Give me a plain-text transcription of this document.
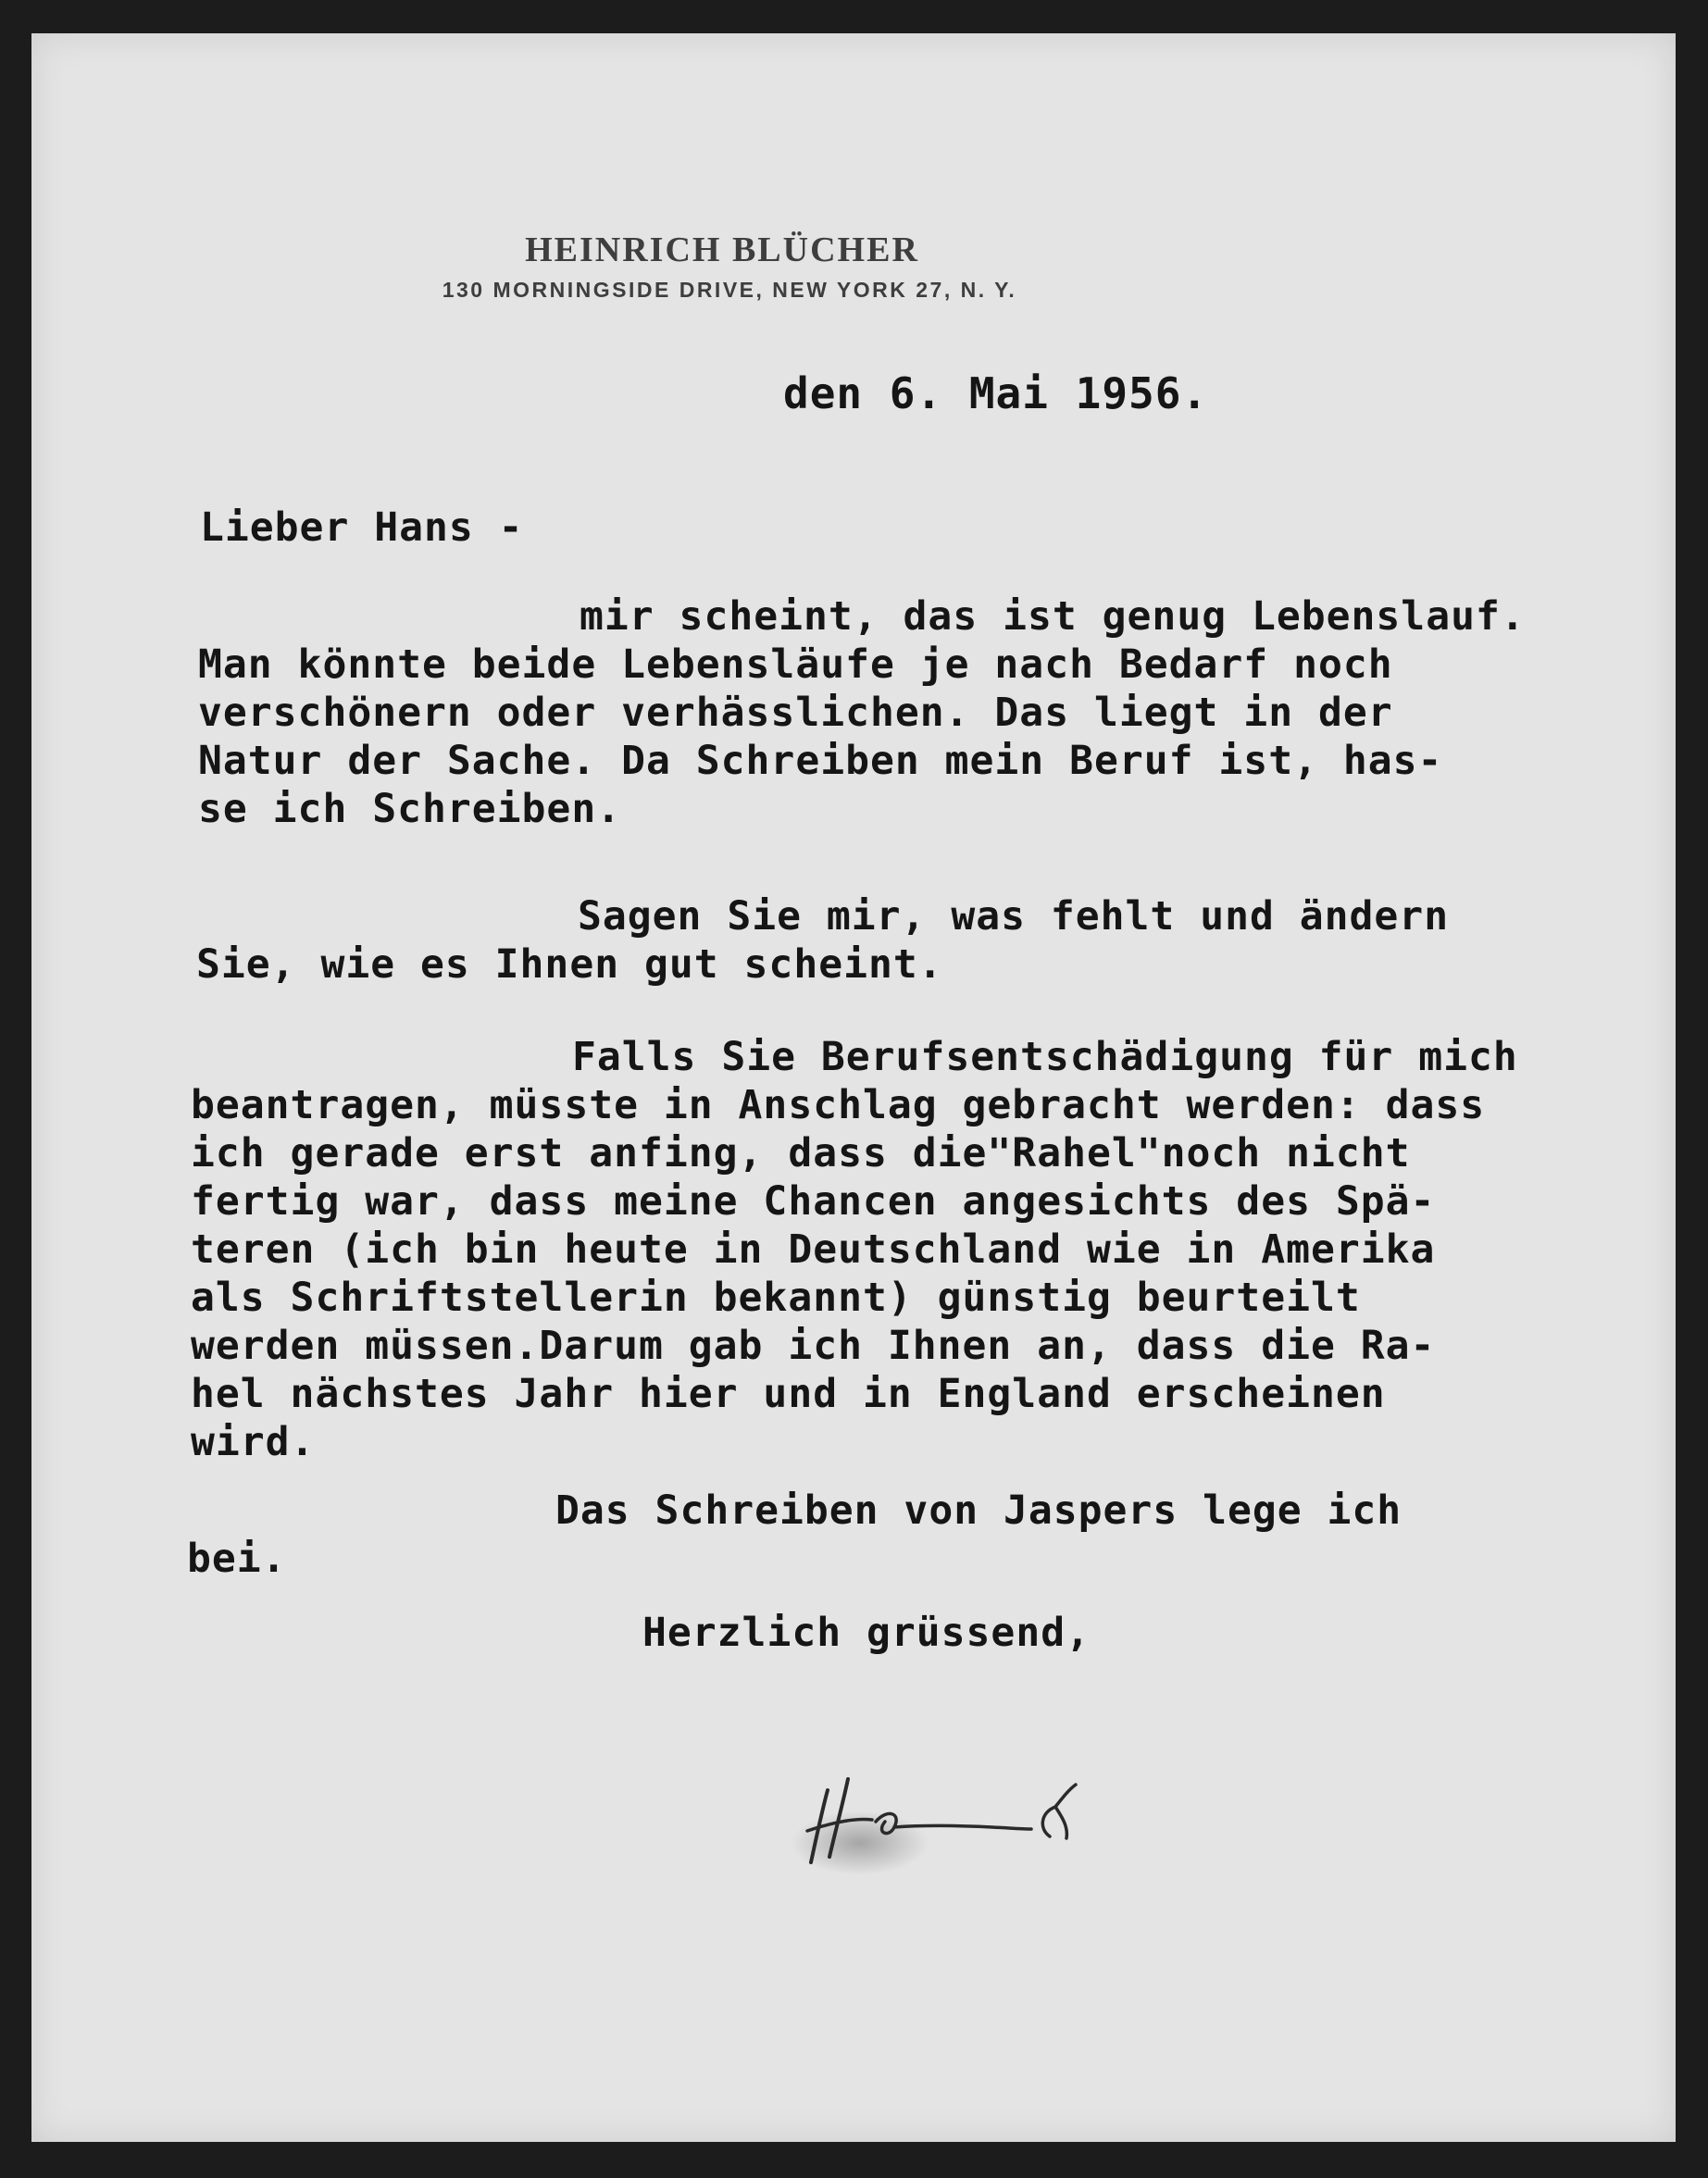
HEINRICH BLÜCHER
130 MORNINGSIDE DRIVE, NEW YORK 27, N. Y.
den 6. Mai 1956.
Lieber Hans -
mir scheint, das ist genug Lebenslauf.
Man könnte beide Lebensläufe je nach Bedarf noch
verschönern oder verhässlichen. Das liegt in der
Natur der Sache. Da Schreiben mein Beruf ist, has-
se ich Schreiben.
Sagen Sie mir, was fehlt und ändern
Sie, wie es Ihnen gut scheint.
Falls Sie Berufsentschädigung für mich
beantragen, müsste in Anschlag gebracht werden: dass
ich gerade erst anfing, dass die"Rahel"noch nicht
fertig war, dass meine Chancen angesichts des Spä-
teren (ich bin heute in Deutschland wie in Amerika
als Schriftstellerin bekannt) günstig beurteilt
werden müssen.Darum gab ich Ihnen an, dass die Ra-
hel nächstes Jahr hier und in England erscheinen
wird.
Das Schreiben von Jaspers lege ich
bei.
Herzlich grüssend,
